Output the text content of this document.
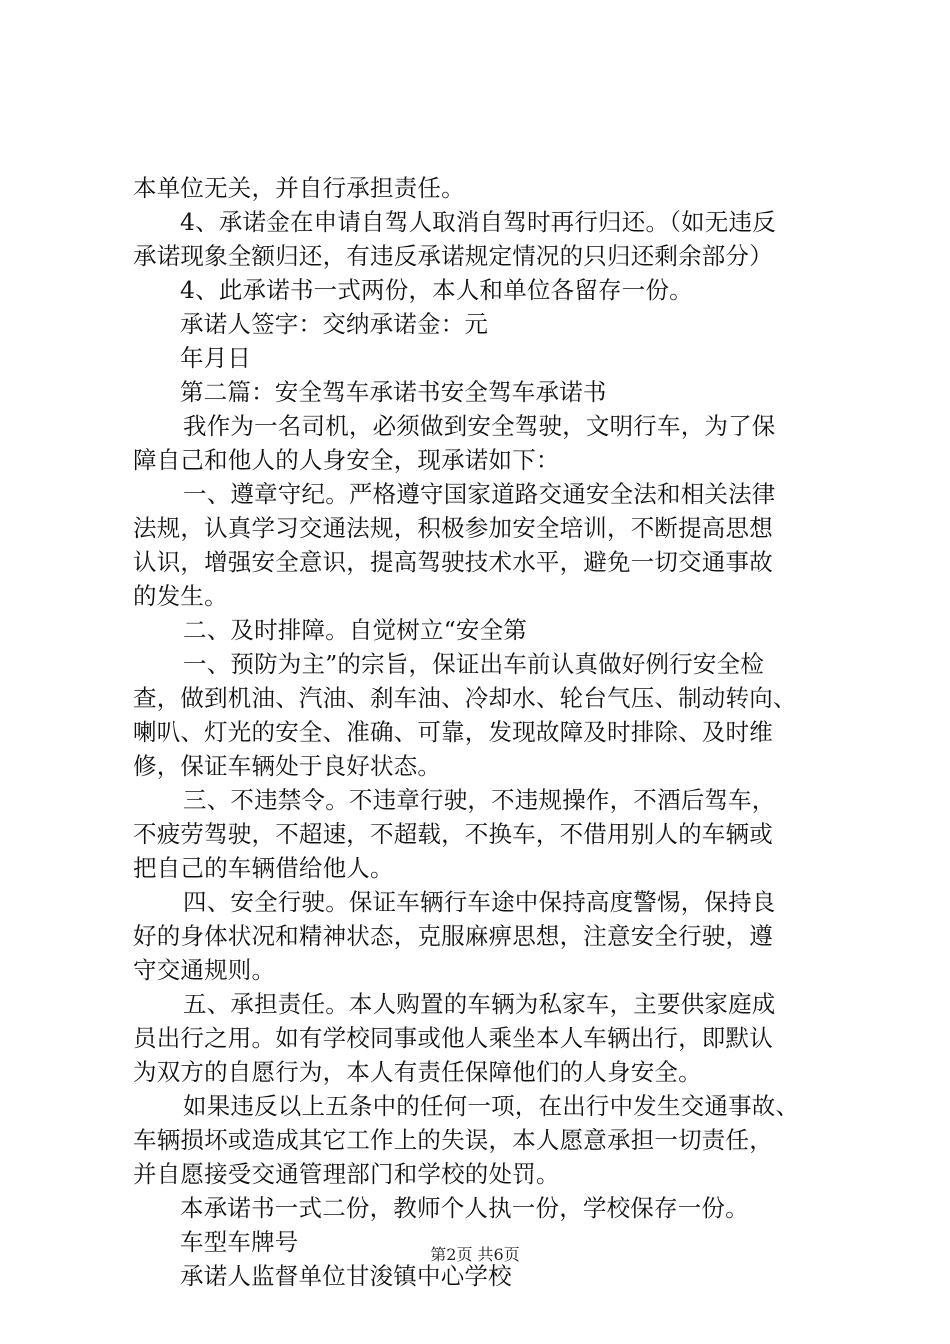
本单位无关，并自行承担责任。
4、承诺金在申请自驾人取消自驾时再行归还。（如无违反
承诺现象全额归还，有违反承诺规定情况的只归还剩余部分）
4、此承诺书一式两份，本人和单位各留存一份。
承诺人签字：交纳承诺金：元
年月日
第二篇：安全驾车承诺书安全驾车承诺书
我作为一名司机，必须做到安全驾驶，文明行车，为了保
障自己和他人的人身安全，现承诺如下：
一、遵章守纪。严格遵守国家道路交通安全法和相关法律
法规，认真学习交通法规，积极参加安全培训，不断提高思想
认识，增强安全意识，提高驾驶技术水平，避免一切交通事故
的发生。
二、及时排障。自觉树立“安全第
一、预防为主”的宗旨，保证出车前认真做好例行安全检
查，做到机油、汽油、刹车油、冷却水、轮台气压、制动转向、
喇叭、灯光的安全、准确、可靠，发现故障及时排除、及时维
修，保证车辆处于良好状态。
三、不违禁令。不违章行驶，不违规操作，不酒后驾车，
不疲劳驾驶，不超速，不超载，不换车，不借用别人的车辆或
把自己的车辆借给他人。
四、安全行驶。保证车辆行车途中保持高度警惕，保持良
好的身体状况和精神状态，克服麻痹思想，注意安全行驶，遵
守交通规则。
五、承担责任。本人购置的车辆为私家车，主要供家庭成
员出行之用。如有学校同事或他人乘坐本人车辆出行，即默认
为双方的自愿行为，本人有责任保障他们的人身安全。
如果违反以上五条中的任何一项，在出行中发生交通事故、
车辆损坏或造成其它工作上的失误，本人愿意承担一切责任，
并自愿接受交通管理部门和学校的处罚。
本承诺书一式二份，教师个人执一份，学校保存一份。
车型车牌号
承诺人监督单位甘浚镇中心学校
第2页 共6页
